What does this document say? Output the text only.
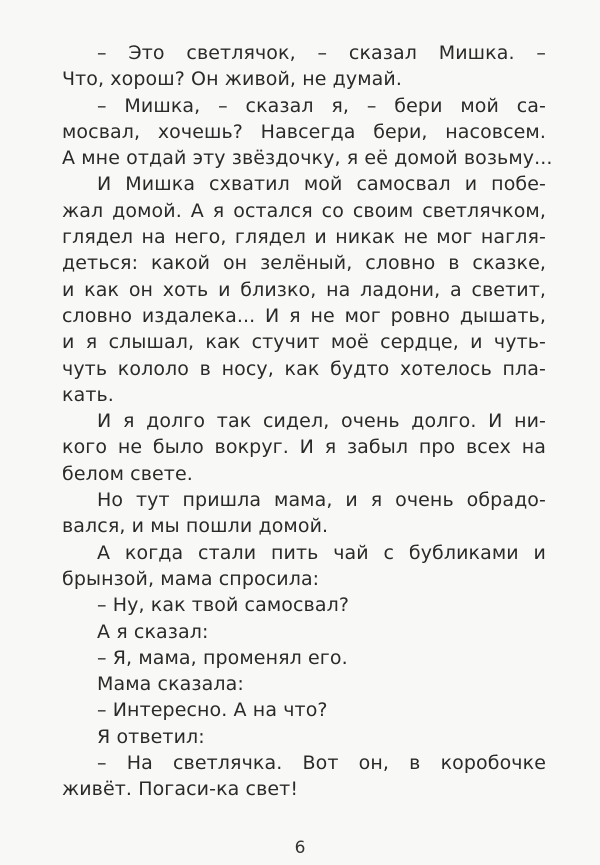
– Это светлячок, – сказал Мишка. –
Что, хорош? Он живой, не думай.
– Мишка, – сказал я, – бери мой са-
мосвал, хочешь? Навсегда бери, насовсем.
А мне отдай эту звёздочку, я её домой возьму...
И Мишка схватил мой самосвал и побе-
жал домой. А я остался со своим светлячком,
глядел на него, глядел и никак не мог нагля-
деться: какой он зелёный, словно в сказке,
и как он хоть и близко, на ладони, а светит,
словно издалека... И я не мог ровно дышать,
и я слышал, как стучит моё сердце, и чуть-
чуть кололо в носу, как будто хотелось пла-
кать.
И я долго так сидел, очень долго. И ни-
кого не было вокруг. И я забыл про всех на
белом свете.
Но тут пришла мама, и я очень обрадо-
вался, и мы пошли домой.
А когда стали пить чай с бубликами и
брынзой, мама спросила:
– Ну, как твой самосвал?
А я сказал:
– Я, мама, променял его.
Мама сказала:
– Интересно. А на что?
Я ответил:
– На светлячка. Вот он, в коробочке
живёт. Погаси-ка свет!
6
